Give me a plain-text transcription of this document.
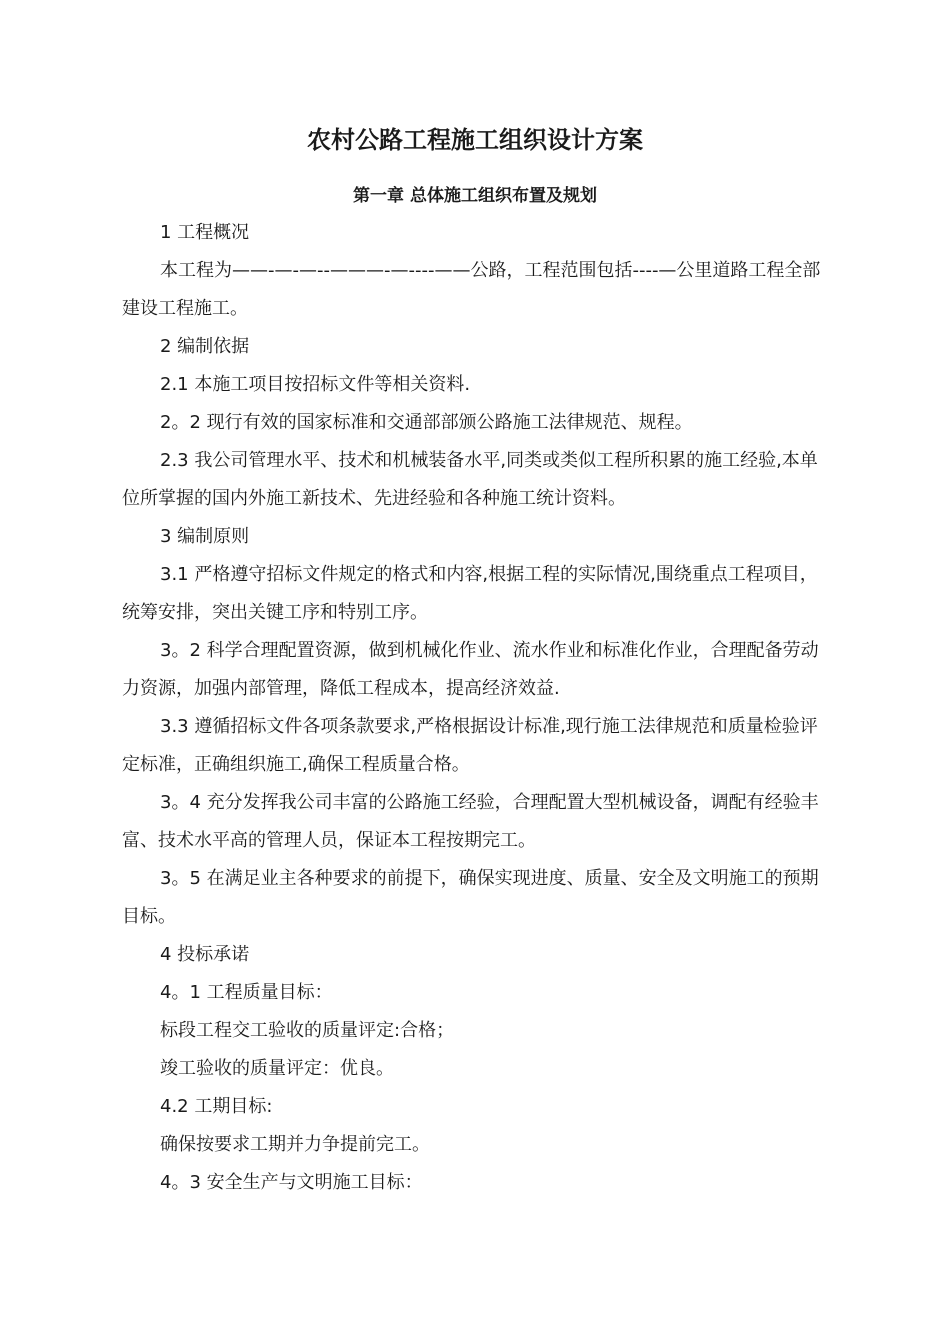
农村公路工程施工组织设计方案
第一章 总体施工组织布置及规划

1 工程概况

本工程为——-—-—--———-—----——公路，工程范围包括----—公里道路工程全部建设工程施工。

2 编制依据

2.1 本施工项目按招标文件等相关资料.

2。2 现行有效的国家标准和交通部部颁公路施工法律规范、规程。

2.3 我公司管理水平、技术和机械装备水平,同类或类似工程所积累的施工经验,本单位所掌握的国内外施工新技术、先进经验和各种施工统计资料。

3 编制原则

3.1 严格遵守招标文件规定的格式和内容,根据工程的实际情况,围绕重点工程项目，统筹安排，突出关键工序和特别工序。

3。2 科学合理配置资源，做到机械化作业、流水作业和标准化作业，合理配备劳动力资源，加强内部管理，降低工程成本，提高经济效益.

3.3 遵循招标文件各项条款要求,严格根据设计标准,现行施工法律规范和质量检验评定标准，正确组织施工,确保工程质量合格。

3。4 充分发挥我公司丰富的公路施工经验，合理配置大型机械设备，调配有经验丰富、技术水平高的管理人员，保证本工程按期完工。

3。5 在满足业主各种要求的前提下，确保实现进度、质量、安全及文明施工的预期目标。

4 投标承诺

4。1 工程质量目标：

标段工程交工验收的质量评定:合格；

竣工验收的质量评定：优良。

4.2 工期目标:

确保按要求工期并力争提前完工。

4。3 安全生产与文明施工目标：
